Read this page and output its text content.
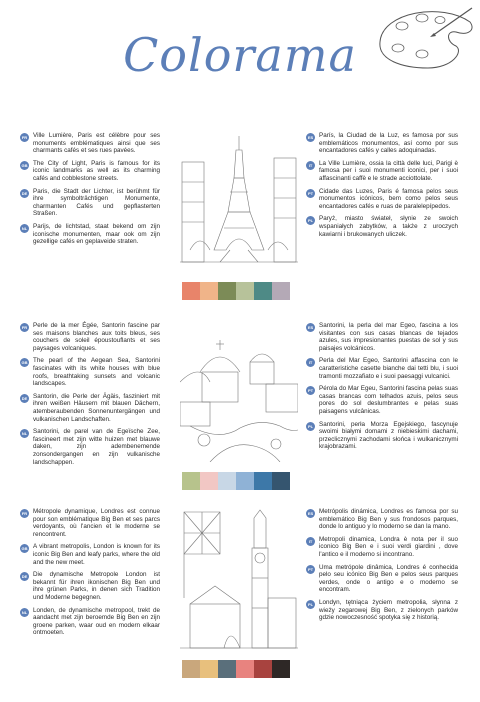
Colorama
FR Ville Lumière, Paris est célèbre pour ses monuments emblématiques ainsi que ses charmants cafés et ses rues pavées.
GB The City of Light, Paris is famous for its iconic landmarks as well as its charming cafés and cobblestone streets.
DE Paris, die Stadt der Lichter, ist berühmt für ihre symbolträchtigen Monumente, charmanten Cafés und gepflasterten Straßen.
NL Parijs, de lichtstad, staat bekend om zijn iconische monumenten, maar ook om zijn gezellige cafés en geplaveide straten.
ES París, la Ciudad de la Luz, es famosa por sus emblemáticos monumentos, así como por sus encantadores cafés y calles adoquinadas.
IT	La Ville Lumière, ossia la città delle luci, Parigi è famosa per i suoi monumenti iconici, per i suoi affascinanti caffè e le strade acciottolate.
PT Cidade das Luzes, Paris é famosa pelos seus monumentos icónicos, bem como pelos seus encantadores cafés e ruas de paralelepípedos.
PL Paryż, miasto świateł, słynie ze swoich wspaniałych zabytków, a także z uroczych kawiarni i brukowanych uliczek.
FR Perle de la mer Égée, Santorin fascine par ses maisons blanches aux toits bleus, ses couchers de soleil époustouflants et ses paysages volcaniques.
GB The pearl of the Aegean Sea, Santorini fascinates with its white houses with blue roofs, breathtaking sunsets and volcanic landscapes.
DE Santorin, die Perle der Ägäis, fasziniert mit ihren weißen Häusern mit blauen Dächern, atemberaubenden Sonnenuntergängen und vulkanischen Landschaften.
NL Santorini, de parel van de Egeïsche Zee, fascineert met zijn witte huizen met blauwe daken, zijn adembenemende zonsondergangen en zijn vulkanische landschappen.
ES Santorini, la perla del mar Egeo, fascina a los visitantes con sus casas blancas de tejados azules, sus impresionantes puestas de sol y sus paisajes volcánicos.
IT	Perla del Mar Egeo, Santorini affascina con le caratteristiche casette bianche dai tetti blu, i suoi tramonti mozzafiato e i suoi paesaggi vulcanici.
PT Pérola do Mar Egeu, Santorini fascina pelas suas casas brancas com telhados azuis, pelos seus pores do sol deslumbrantes e pelas suas paisagens vulcânicas.
PL Santorini, perła Morza Egejskiego, fascynuje swoimi białymi domami z niebieskimi dachami, przeclicznymi zachodami słońca i wulkanicznymi krajobrazami.
FR Métropole dynamique, Londres est connue pour son emblématique Big Ben et ses parcs verdoyants, où l'ancien et le moderne se rencontrent.
GB A vibrant metropolis, London is known for its iconic Big Ben and leafy parks, where the old and the new meet.
DE Die dynamische Metropole London ist bekannt für ihren ikonischen Big Ben und ihre grünen Parks, in denen sich Tradition und Moderne begegnen.
NL Londen, de dynamische metropool, trekt de aandacht met zijn beroemde Big Ben en zijn groene parken, waar oud en modern elkaar ontmoeten.
ES Metrópolis dinámica, Londres es famosa por su emblemático Big Ben y sus frondosos parques, donde lo antiguo y lo moderno se dan la mano.
IT	Metropoli dinamica, Londra è nota per il suo iconico Big Ben e i suoi verdi giardini , dove l'antico e il moderno si incontrano.
PT Uma metrópole dinâmica, Londres é conhecida pelo seu icónico Big Ben e pelos seus parques verdes, onde o antigo e o moderno se encontram.
PL Londyn, tętniąca życiem metropolia, słynna z wieży zegarowej Big Ben, z zielonych parków gdzie nowoczesność spotyka się z historią.
